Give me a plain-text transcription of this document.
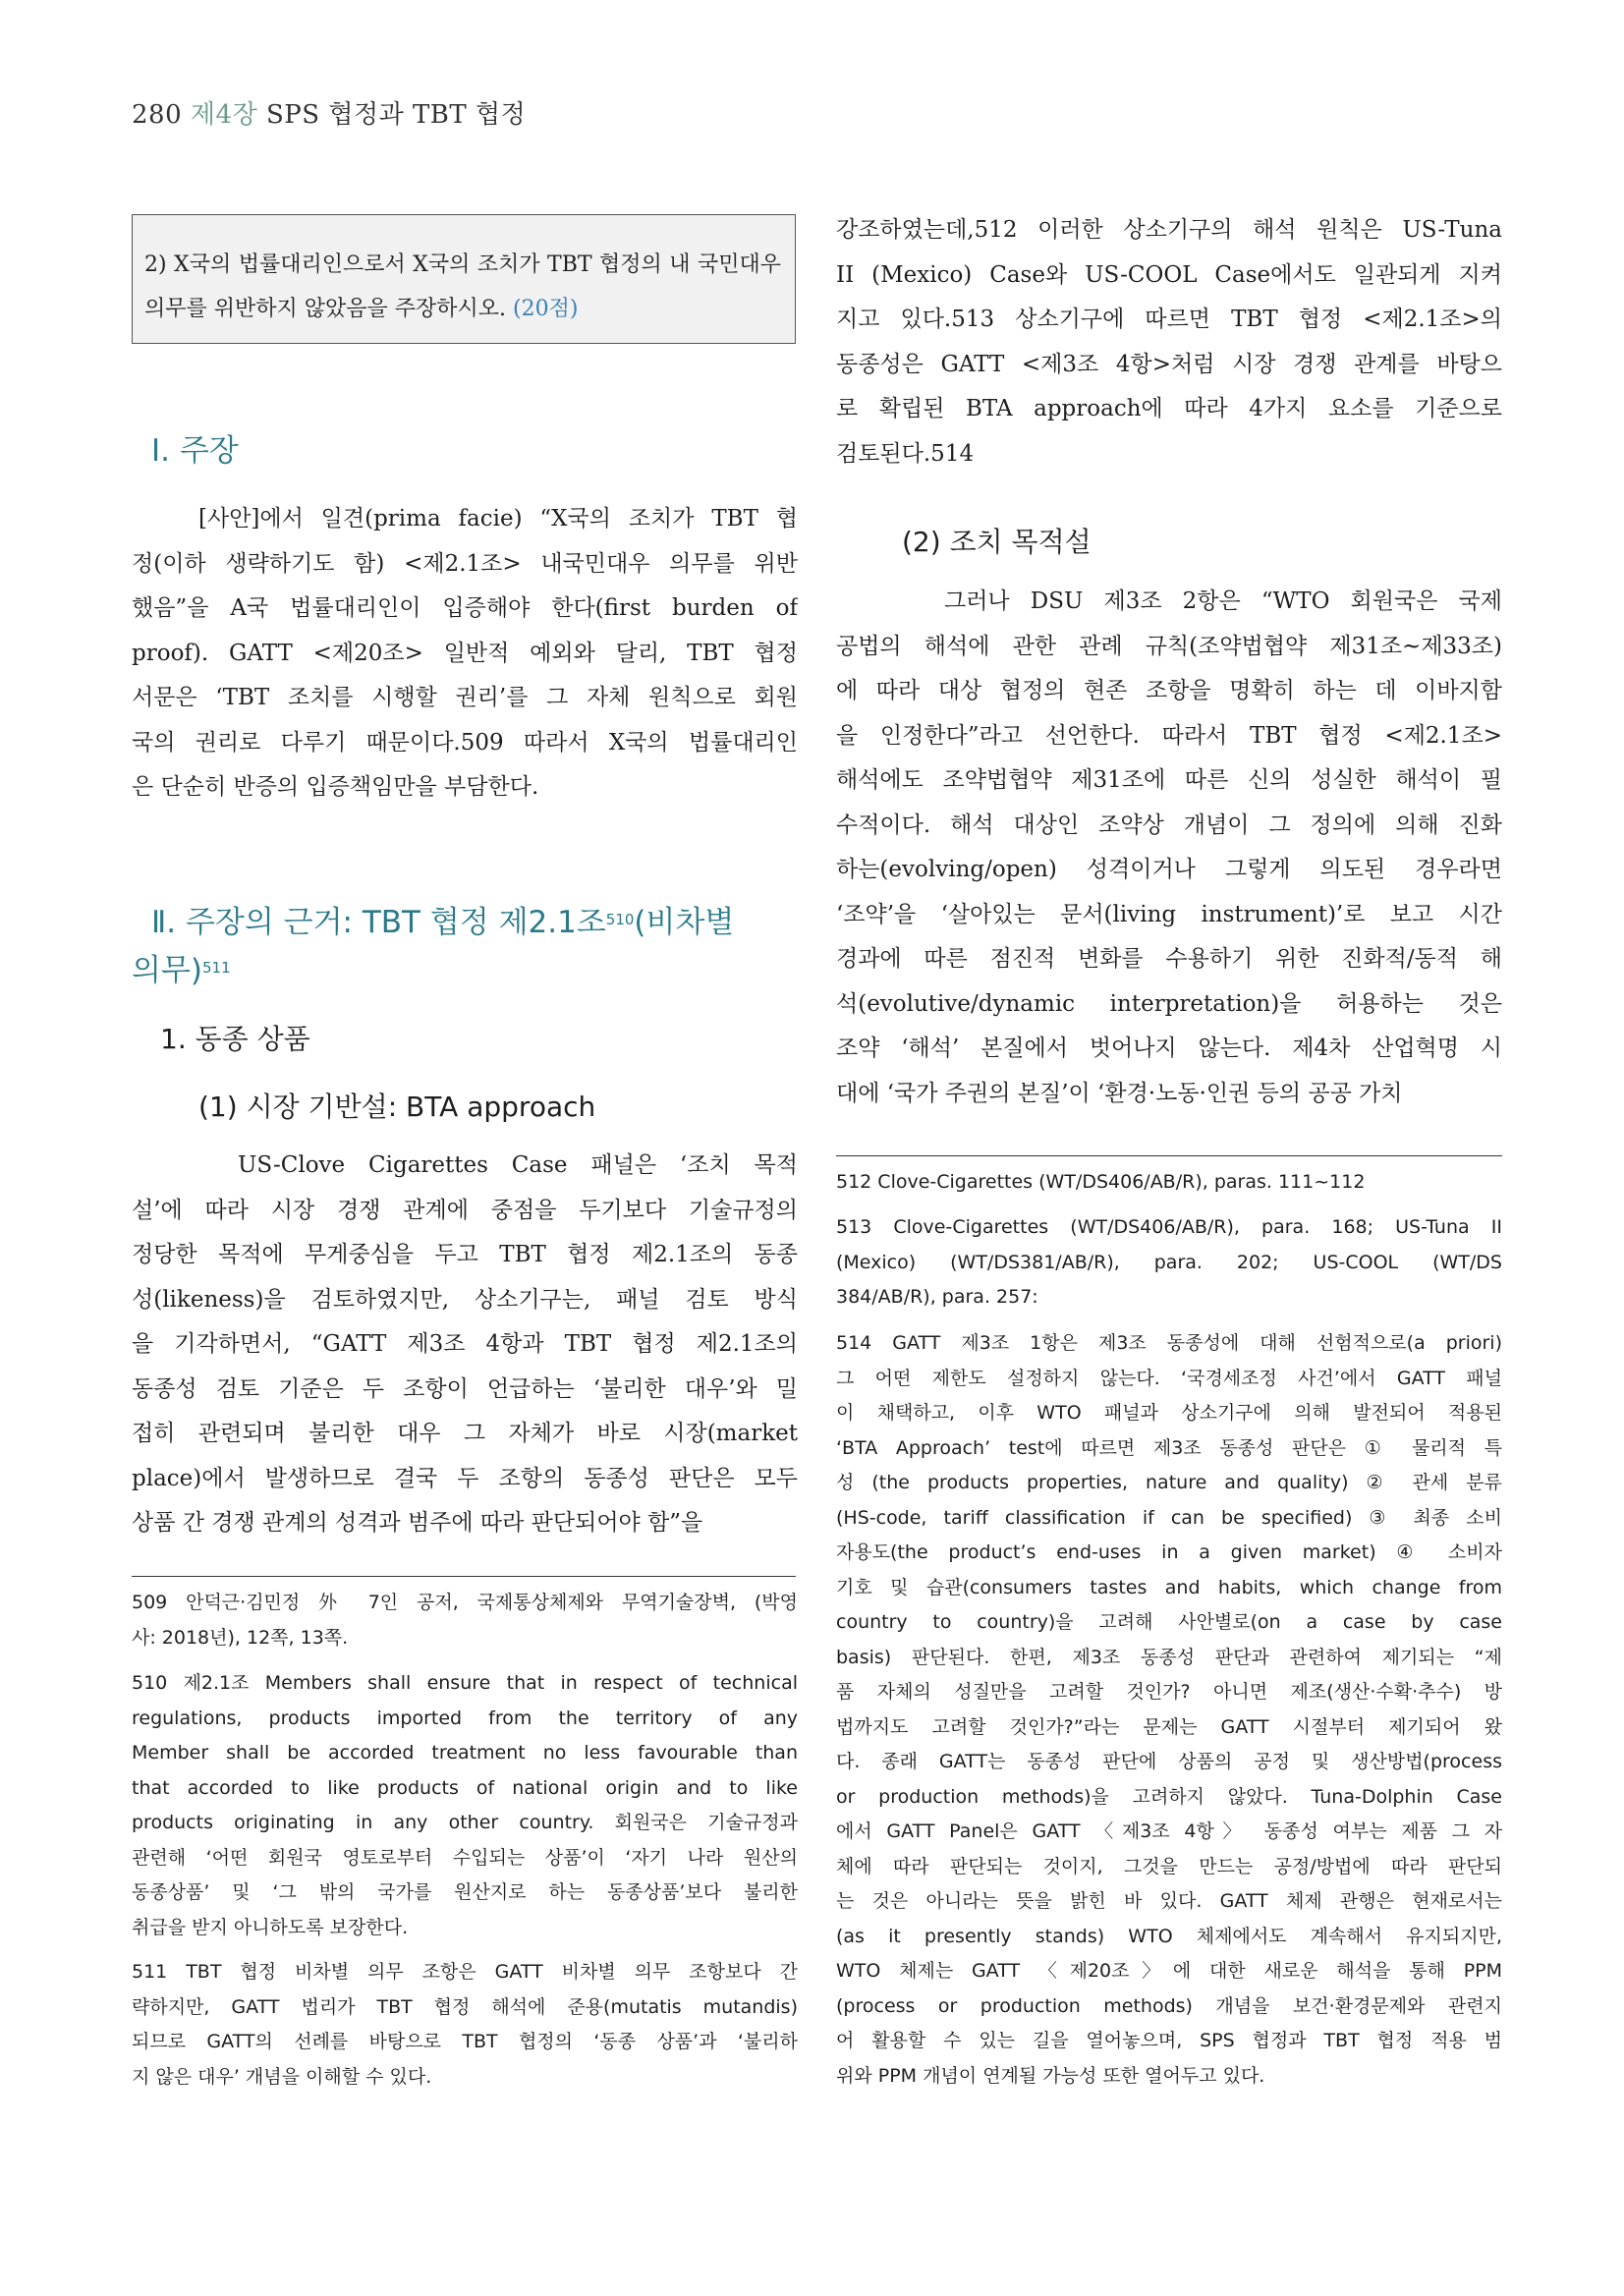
280 제4장 SPS 협정과 TBT 협정
2) X국의 법률대리인으로서 X국의 조치가 TBT 협정의 내 국민대우 의무를 위반하지 않았음을 주장하시오. (20점)
Ⅰ. 주장
[사안]에서 일견(prima facie) “X국의 조치가 TBT 협
정(이하 생략하기도 함) <제2.1조> 내국민대우 의무를 위반
했음”을 A국 법률대리인이 입증해야 한다(first burden of
proof). GATT <제20조> 일반적 예외와 달리, TBT 협정
서문은 ‘TBT 조치를 시행할 권리’를 그 자체 원칙으로 회원
국의 권리로 다루기 때문이다.509 따라서 X국의 법률대리인
은 단순히 반증의 입증책임만을 부담한다.
Ⅱ. 주장의 근거: TBT 협정 제2.1조$^{510}$(비차별
의무)$^{511}$
1. 동종 상품
(1) 시장 기반설: BTA approach
US-Clove Cigarettes Case 패널은 ‘조치 목적
설’에 따라 시장 경쟁 관계에 중점을 두기보다 기술규정의
정당한 목적에 무게중심을 두고 TBT 협정 제2.1조의 동종
성(likeness)을 검토하였지만, 상소기구는, 패널 검토 방식
을 기각하면서, “GATT 제3조 4항과 TBT 협정 제2.1조의
동종성 검토 기준은 두 조항이 언급하는 ‘불리한 대우’와 밀
접히 관련되며 불리한 대우 그 자체가 바로 시장(market
place)에서 발생하므로 결국 두 조항의 동종성 판단은 모두
상품 간 경쟁 관계의 성격과 범주에 따라 판단되어야 함”을
509 안덕근·김민정 外 7인 공저, 국제통상체제와 무역기술장벽, (박영
사: 2018년), 12쪽, 13쪽.
510 제2.1조 Members shall ensure that in respect of technical
regulations, products imported from the territory of any
Member shall be accorded treatment no less favourable than
that accorded to like products of national origin and to like
products originating in any other country. 회원국은 기술규정과
관련해 ‘어떤 회원국 영토로부터 수입되는 상품’이 ‘자기 나라 원산의
동종상품’ 및 ‘그 밖의 국가를 원산지로 하는 동종상품’보다 불리한
취급을 받지 아니하도록 보장한다.
511 TBT 협정 비차별 의무 조항은 GATT 비차별 의무 조항보다 간
략하지만, GATT 법리가 TBT 협정 해석에 준용(mutatis mutandis)
되므로 GATT의 선례를 바탕으로 TBT 협정의 ‘동종 상품’과 ‘불리하
지 않은 대우’ 개념을 이해할 수 있다.
강조하였는데,512 이러한 상소기구의 해석 원칙은 US-Tuna
II (Mexico) Case와 US-COOL Case에서도 일관되게 지켜
지고 있다.513 상소기구에 따르면 TBT 협정 <제2.1조>의
동종성은 GATT <제3조 4항>처럼 시장 경쟁 관계를 바탕으
로 확립된 BTA approach에 따라 4가지 요소를 기준으로
검토된다.514
(2) 조치 목적설
그러나 DSU 제3조 2항은 “WTO 회원국은 국제
공법의 해석에 관한 관례 규칙(조약법협약 제31조~제33조)
에 따라 대상 협정의 현존 조항을 명확히 하는 데 이바지함
을 인정한다”라고 선언한다. 따라서 TBT 협정 <제2.1조>
해석에도 조약법협약 제31조에 따른 신의 성실한 해석이 필
수적이다. 해석 대상인 조약상 개념이 그 정의에 의해 진화
하는(evolving/open) 성격이거나 그렇게 의도된 경우라면
‘조약’을 ‘살아있는 문서(living instrument)’로 보고 시간
경과에 따른 점진적 변화를 수용하기 위한 진화적/동적 해
석(evolutive/dynamic interpretation)을 허용하는 것은
조약 ‘해석’ 본질에서 벗어나지 않는다. 제4차 산업혁명 시
대에 ‘국가 주권의 본질’이 ‘환경·노동·인권 등의 공공 가치
512 Clove-Cigarettes (WT/DS406/AB/R), paras. 111~112
513 Clove-Cigarettes (WT/DS406/AB/R), para. 168; US-Tuna II
(Mexico) (WT/DS381/AB/R), para. 202; US-COOL (WT/DS
384/AB/R), para. 257:
514 GATT 제3조 1항은 제3조 동종성에 대해 선험적으로(a priori)
그 어떤 제한도 설정하지 않는다. ‘국경세조정 사건’에서 GATT 패널
이 채택하고, 이후 WTO 패널과 상소기구에 의해 발전되어 적용된
‘BTA Approach’ test에 따르면 제3조 동종성 판단은 ① 물리적 특
성 (the products properties, nature and quality) ② 관세 분류
(HS-code, tariff classification if can be specified) ③ 최종 소비
자용도(the product’s end-uses in a given market) ④ 소비자
기호 및 습관(consumers tastes and habits, which change from
country to country)을 고려해 사안별로(on a case by case
basis) 판단된다. 한편, 제3조 동종성 판단과 관련하여 제기되는 “제
품 자체의 성질만을 고려할 것인가? 아니면 제조(생산·수확·추수) 방
법까지도 고려할 것인가?”라는 문제는 GATT 시절부터 제기되어 왔
다. 종래 GATT는 동종성 판단에 상품의 공정 및 생산방법(process
or production methods)을 고려하지 않았다. Tuna-Dolphin Case
에서 GATT Panel은 GATT 〈제3조 4항〉 동종성 여부는 제품 그 자
체에 따라 판단되는 것이지, 그것을 만드는 공정/방법에 따라 판단되
는 것은 아니라는 뜻을 밝힌 바 있다. GATT 체제 관행은 현재로서는
(as it presently stands) WTO 체제에서도 계속해서 유지되지만,
WTO 체제는 GATT 〈제20조〉에 대한 새로운 해석을 통해 PPM
(process or production methods) 개념을 보건·환경문제와 관련지
어 활용할 수 있는 길을 열어놓으며, SPS 협정과 TBT 협정 적용 범
위와 PPM 개념이 연계될 가능성 또한 열어두고 있다.
